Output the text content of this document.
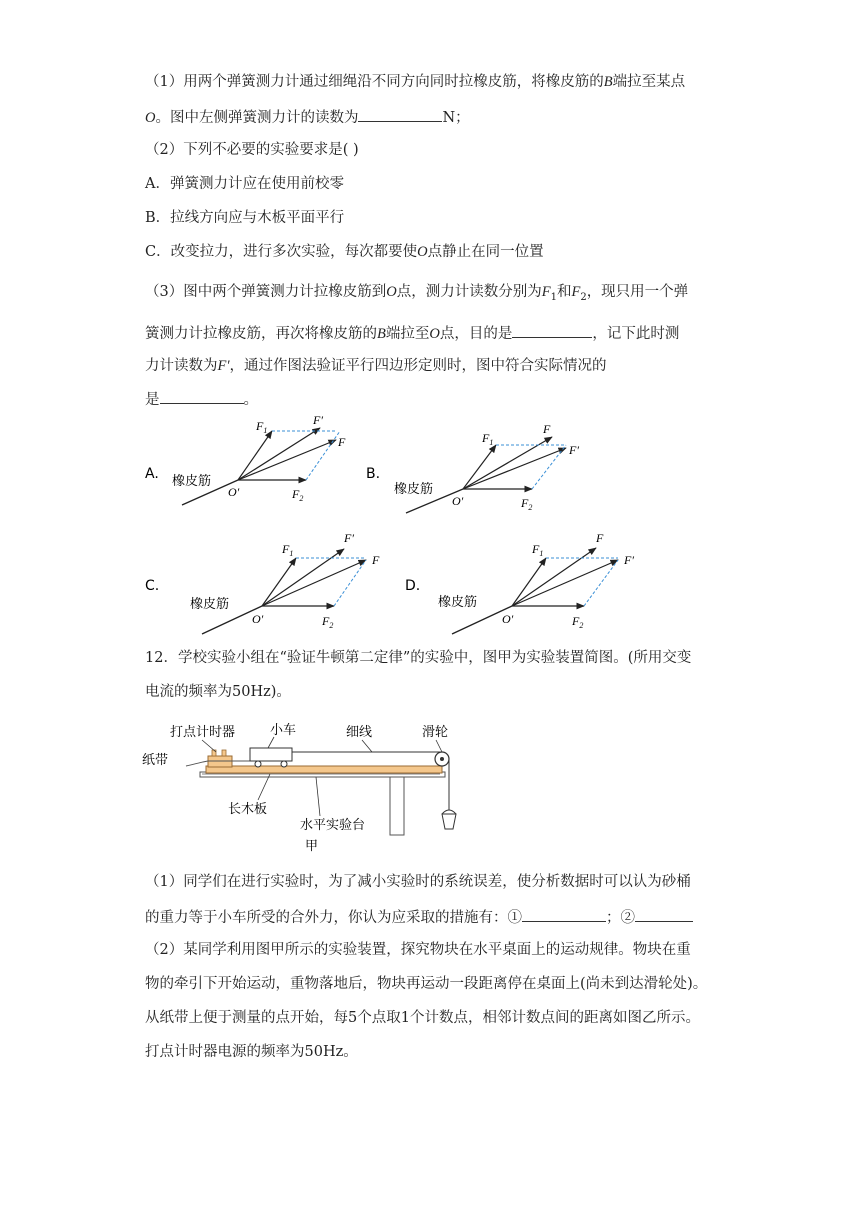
（1）用两个弹簧测力计通过细绳沿不同方向同时拉橡皮筋，将橡皮筋的B端拉至某点
O。图中左侧弹簧测力计的读数为	N；
（2）下列不必要的实验要求是( )
A．弹簧测力计应在使用前校零
B．拉线方向应与木板平面平行
C．改变拉力，进行多次实验，每次都要使O点静止在同一位置
（3）图中两个弹簧测力计拉橡皮筋到O点，测力计读数分别为$F_1$和$F_2$，现只用一个弹
簧测力计拉橡皮筋，再次将橡皮筋的B端拉至O点，目的是	，记下此时测
力计读数为F′，通过作图法验证平行四边形定则时，图中符合实际情况的
是	。
A. 橡皮筋
O′
$F_1$
$F_2$
F′
F
B.
橡皮筋
O′
$F_1$
$F_2$
F
F′
C.
橡皮筋
O′
$F_1$
$F_2$
F′
F
D.
橡皮筋
O′
$F_1$
$F_2$
F
F′
12．学校实验小组在“验证牛顿第二定律”的实验中，图甲为实验装置简图。(所用交变
电流的频率为50Hz)。
打点计时器	小车	细线	滑轮
纸带
长木板
水平实验台
甲
（1）同学们在进行实验时，为了减小实验时的系统误差，使分析数据时可以认为砂桶
的重力等于小车所受的合外力，你认为应采取的措施有：①	；②
（2）某同学利用图甲所示的实验装置，探究物块在水平桌面上的运动规律。物块在重
物的牵引下开始运动，重物落地后，物块再运动一段距离停在桌面上(尚未到达滑轮处)。
从纸带上便于测量的点开始，每5个点取1个计数点，相邻计数点间的距离如图乙所示。
打点计时器电源的频率为50Hz。
